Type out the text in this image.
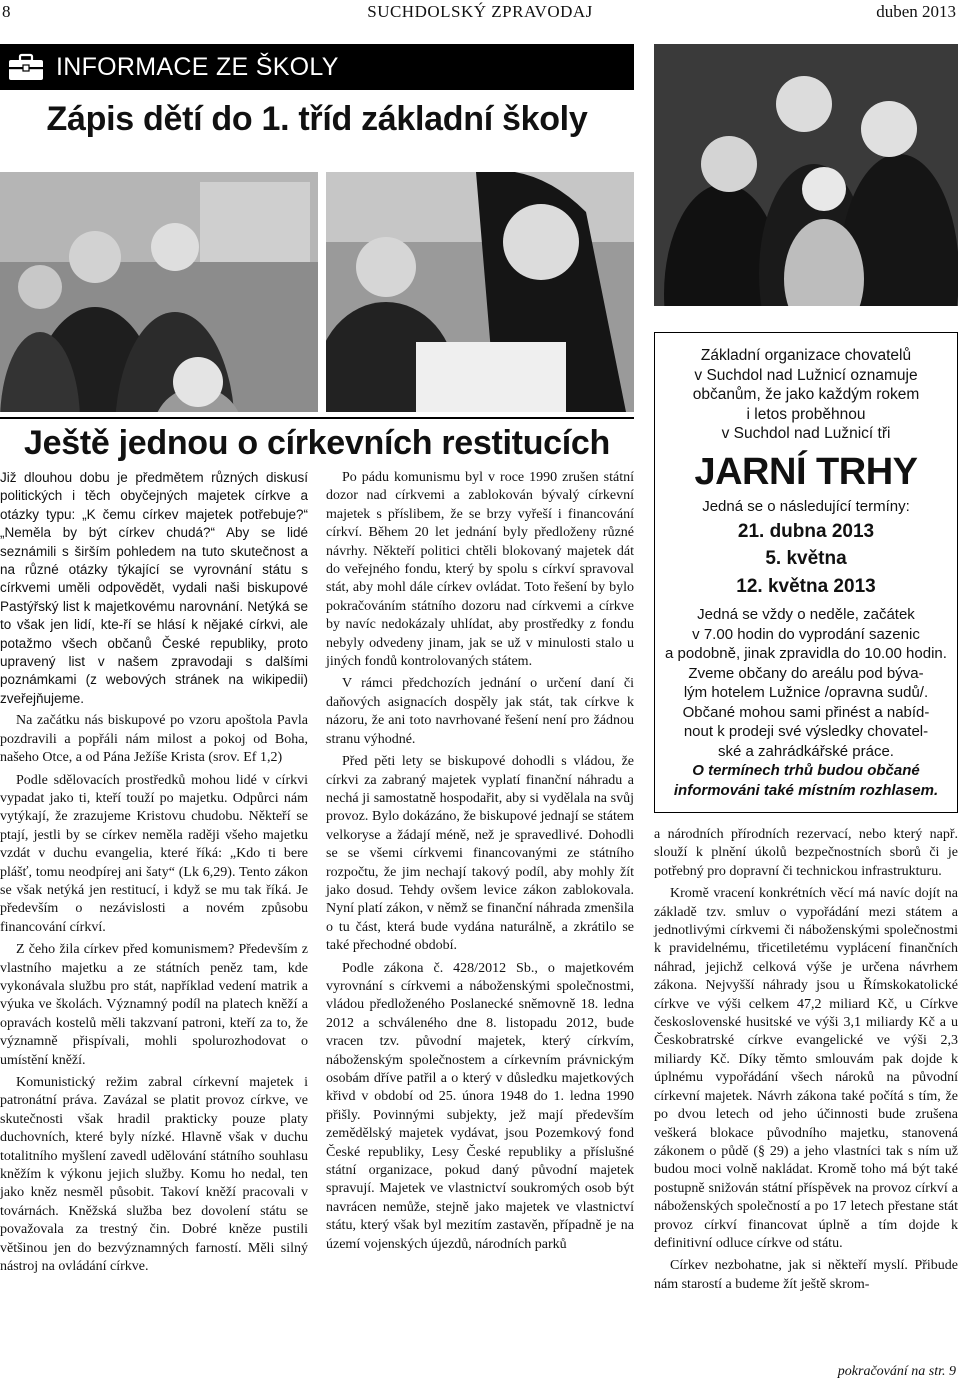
8	SUCHDOLSKÝ ZPRAVODAJ	duben 2013
INFORMACE ZE ŠKOLY
Zápis dětí do 1. tříd základní školy
Ještě jednou o církevních restitucích

Již dlouhou dobu je předmětem různých diskusí politických i těch obyčejných majetek církve a otázky typu: „K čemu církev majetek potřebuje?“ „Neměla by být církev chudá?“ Aby se lidé seznámili s širším pohledem na tuto skutečnost a na různé otázky týkající se vyrovnání státu s církvemi uměli odpovědět, vydali naši biskupové Pastýřský list k majetkovému narovnání. Netýká se to však jen lidí, kte-ří se hlásí k nějaké církvi, ale potažmo všech občanů České republiky, proto upravený list v našem zpravodaji s dalšími poznámkami (z webových stránek na wikipedii) zveřejňujeme.

Na začátku nás biskupové po vzoru apoštola Pavla pozdravili a popřáli nám milost a pokoj od Boha, našeho Otce, a od Pána Ježíše Krista (srov. Ef 1,2)

Podle sdělovacích prostředků mohou lidé v církvi vypadat jako ti, kteří touží po majetku. Odpůrci nám vytýkají, že zrazujeme Kristovu chudobu. Někteří se ptají, jestli by se církev neměla raději všeho majetku vzdát v duchu evangelia, které říká: „Kdo ti bere plášť, tomu neodpírej ani šaty“ (Lk 6,29). Tento zákon se však netýká jen restitucí, i když se mu tak říká. Je především o nezávislosti a novém způsobu financování církví.

Z čeho žila církev před komunismem? Především z vlastního majetku a ze státních peněz tam, kde vykonávala službu pro stát, například vedení matrik a výuka ve školách. Významný podíl na platech kněží a opravách kostelů měli takzvaní patroni, kteří za to, že významně přispívali, mohli spolurozhodovat o umístění kněží.

Komunistický režim zabral církevní majetek i patronátní práva. Zavázal se platit provoz církve, ve skutečnosti však hradil prakticky pouze platy duchovních, které byly nízké. Hlavně však v duchu totalitního myšlení zavedl udělování státního souhlasu kněžím k výkonu jejich služby. Komu ho nedal, ten jako kněz nesměl působit. Takoví kněží pracovali v továrnách. Kněžská služba bez dovolení státu se považovala za trestný čin. Dobré kněze pustili většinou jen do bezvýznamných farností. Měli silný nástroj na ovládání církve.

Po pádu komunismu byl v roce 1990 zrušen státní dozor nad církvemi a zablokován bývalý církevní majetek s příslibem, že se brzy vyřeší i financování církví. Během 20 let jednání byly předloženy různé návrhy. Někteří politici chtěli blokovaný majetek dát do veřejného fondu, který by spolu s církví spravoval stát, aby mohl dále církev ovládat. Toto řešení by bylo pokračováním státního dozoru nad církvemi a církve by navíc nedokázaly uhlídat, aby prostředky z fondu nebyly odvedeny jinam, jak se už v minulosti stalo u jiných fondů kontrolovaných státem.

V rámci předchozích jednání o určení daní či daňových asignacích dospěly jak stát, tak církve k názoru, že ani toto navrhované řešení není pro žádnou stranu výhodné.

Před pěti lety se biskupové dohodli s vládou, že církvi za zabraný majetek vyplatí finanční náhradu a nechá ji samostatně hospodařit, aby si vydělala na svůj provoz. Bylo dokázáno, že biskupové jednají se státem velkoryse a žádají méně, než je spravedlivé. Dohodli se se všemi církvemi financovanými ze státního rozpočtu, že jim nechají takový podíl, aby mohly žít jako dosud. Tehdy ovšem levice zákon zablokovala. Nyní platí zákon, v němž se finanční náhrada zmenšila o tu část, která bude vydána naturálně, a zkrátilo se také přechodné období.

Podle zákona č. 428/2012 Sb., o majetkovém vyrovnání s církvemi a náboženskými společnostmi, vládou předloženého Poslanecké sněmovně 18. ledna 2012 a schváleného dne 8. listopadu 2012, bude vracen tzv. původní majetek, který církvím, náboženským společnostem a církevním právnickým osobám dříve patřil a o který v důsledku majetkových křivd v období od 25. února 1948 do 1. ledna 1990 přišly. Povinnými subjekty, jež mají především zemědělský majetek vydávat, jsou Pozemkový fond České republiky, Lesy České republiky a příslušné státní organizace, pokud daný původní majetek spravují. Majetek ve vlastnictví soukromých osob být navrácen nemůže, stejně jako majetek ve vlastnictví státu, který však byl mezitím zastavěn, případně je na území vojenských újezdů, národních parků

Základní organizace chovatelů
v Suchdol nad Lužnicí oznamuje
občanům, že jako každým rokem
i letos proběhnou
v Suchdol nad Lužnicí tři
JARNÍ TRHY
Jedná se o následující termíny:
21. dubna 2013
5. května
12. května 2013
Jedná se vždy o neděle, začátek
v 7.00 hodin do vyprodání sazenic
a podobně, jinak zpravidla do 10.00 hodin.
Zveme občany do areálu pod býva-
lým hotelem Lužnice /opravna sudů/.
Občané mohou sami přinést a nabíd-
nout k prodeji své výsledky chovatel-
ské a zahrádkářské práce.
O termínech trhů budou občané
informováni také místním rozhlasem.

a národních přírodních rezervací, nebo který např. slouží k plnění úkolů bezpečnostních sborů či je potřebný pro dopravní či technickou infrastrukturu.

Kromě vracení konkrétních věcí má navíc dojít na základě tzv. smluv o vypořádání mezi státem a jednotlivými církvemi či náboženskými společnostmi k pravidelnému, třicetiletému vyplácení finančních náhrad, jejichž celková výše je určena návrhem zákona. Nejvyšší náhrady jsou u Římskokatolické církve ve výši celkem 47,2 miliard Kč, u Církve československé husitské ve výši 3,1 miliardy Kč a u Českobratrské církve evangelické ve výši 2,3 miliardy Kč. Díky těmto smlouvám pak dojde k úplnému vypořádání všech nároků na původní církevní majetek. Návrh zákona také počítá s tím, že po dvou letech od jeho účinnosti bude zrušena veškerá blokace původního majetku, stanovená zákonem o půdě (§ 29) a jeho vlastníci tak s ním už budou moci volně nakládat. Kromě toho má být také postupně snižován státní příspěvek na provoz církví a náboženských společností a po 17 letech přestane stát provoz církví financovat úplně a tím dojde k definitivní odluce církve od státu.

Církev nezbohatne, jak si někteří myslí. Přibude nám starostí a budeme žít ještě skrom-

pokračování na str. 9
